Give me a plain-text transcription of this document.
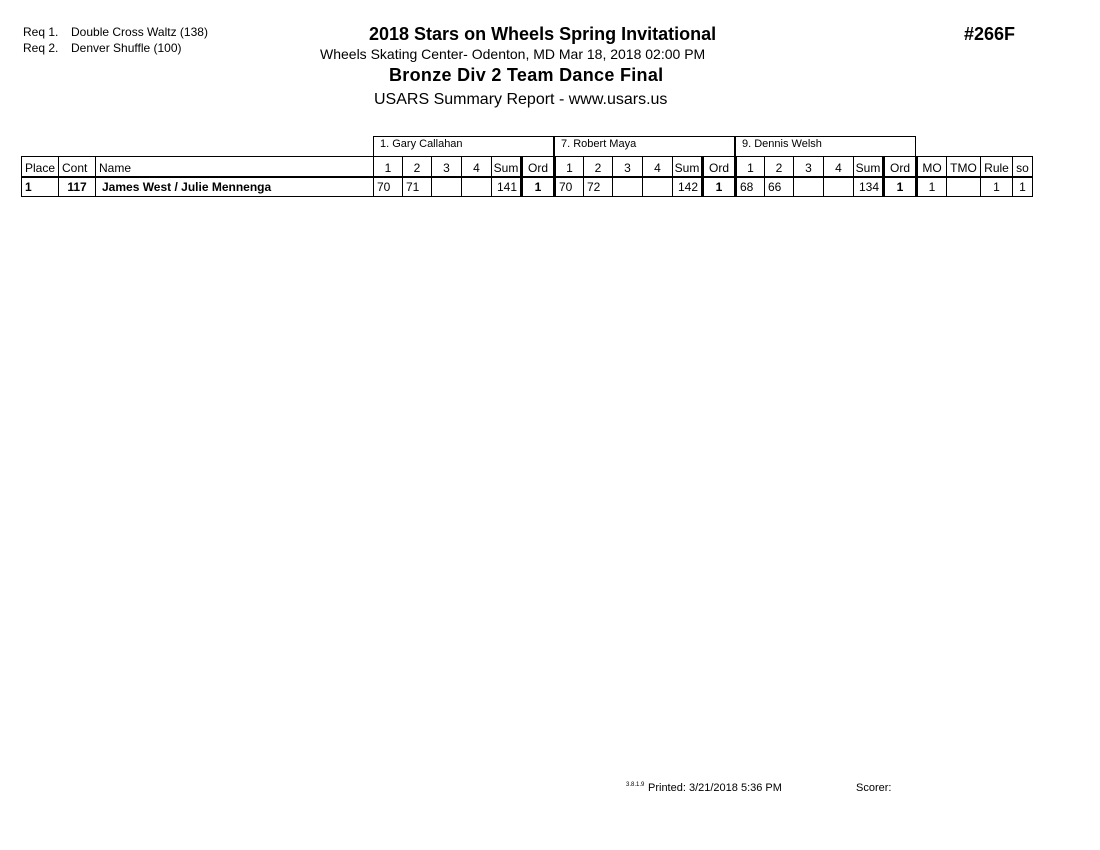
Req 1. Double Cross Waltz (138)
Req 2. Denver Shuffle (100)
2018 Stars on Wheels Spring Invitational
Wheels Skating Center- Odenton, MD Mar 18, 2018 02:00 PM
Bronze Div 2 Team Dance Final
USARS Summary Report - www.usars.us
#266F
1. Gary Callahan	7. Robert Maya	9. Dennis Welsh
Place	Cont	Name	1	2	3	4	Sum	Ord	1	2	3	4	Sum	Ord	1	2	3	4	Sum	Ord	MO	TMO	Rule	so
1	117	James West / Julie Mennenga	70	71			141	1	70	72			142	1	68	66			134	1	1		1	1
3.8.1.9 Printed: 3/21/2018 5:36 PM	Scorer:
